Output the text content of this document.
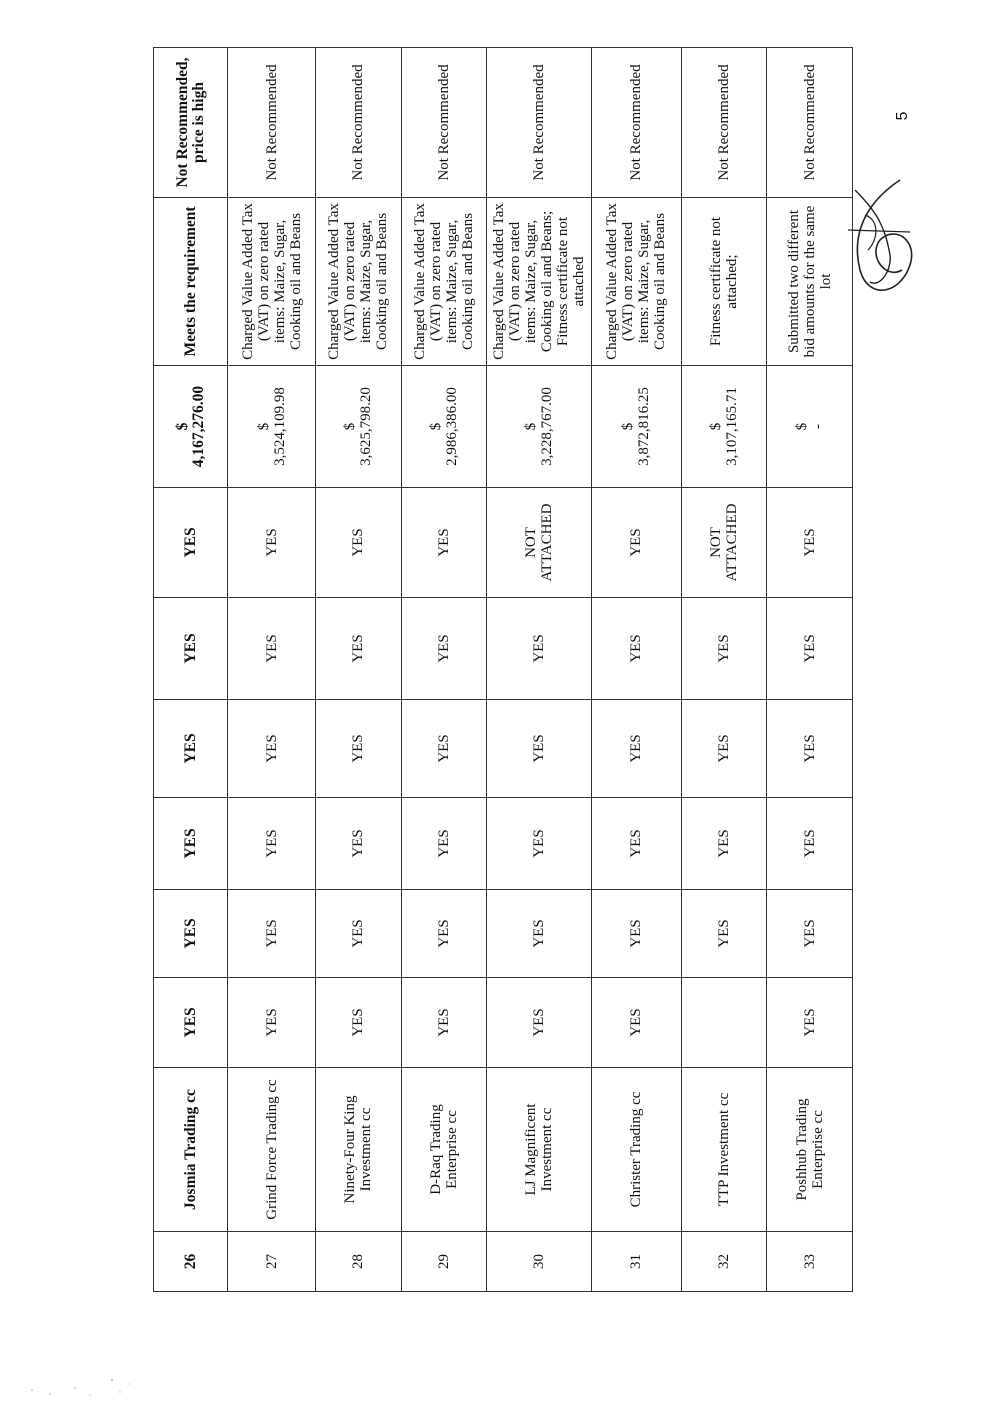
26	Josmia Trading cc	YES	YES	YES	YES	YES	YES	$ 4,167,276.00	Meets the requirement	Not Recommended, price is high
27	Grind Force Trading cc	YES	YES	YES	YES	YES	YES	$ 3,524,109.98	Charged Value Added Tax (VAT) on zero rated items: Maize, Sugar, Cooking oil and Beans	Not Recommended
28	Ninety-Four King Investment cc	YES	YES	YES	YES	YES	YES	$ 3,625,798.20	Charged Value Added Tax (VAT) on zero rated items: Maize, Sugar, Cooking oil and Beans	Not Recommended
29	D-Raq Trading Enterprise cc	YES	YES	YES	YES	YES	YES	$ 2,986,386.00	Charged Value Added Tax (VAT) on zero rated items: Maize, Sugar, Cooking oil and Beans	Not Recommended
30	LJ Magnificent Investment cc	YES	YES	YES	YES	YES	NOT ATTACHED	$ 3,228,767.00	Charged Value Added Tax (VAT) on zero rated items: Maize, Sugar, Cooking oil and Beans; Fitness certificate not attached	Not Recommended
31	Christer Trading cc	YES	YES	YES	YES	YES	YES	$ 3,872,816.25	Charged Value Added Tax (VAT) on zero rated items: Maize, Sugar, Cooking oil and Beans	Not Recommended
32	TTP Investment cc		YES	YES	YES	YES	NOT ATTACHED	$ 3,107,165.71	Fitness certificate not attached;	Not Recommended
33	Poshhub Trading Enterprise cc	YES	YES	YES	YES	YES	YES	$ -	Submitted two different bid amounts for the same lot	Not Recommended	5
